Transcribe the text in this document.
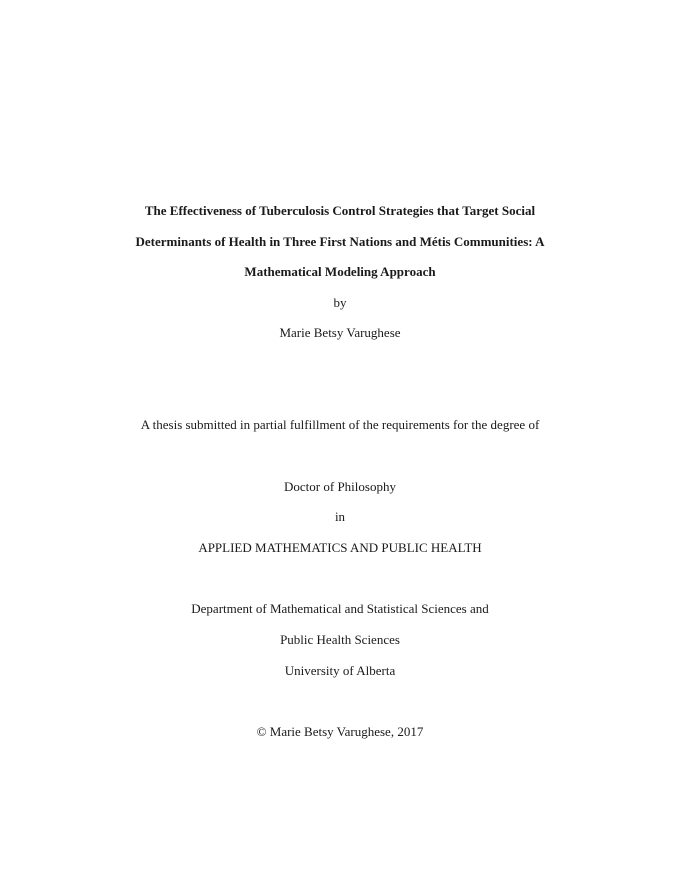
The Effectiveness of Tuberculosis Control Strategies that Target Social
Determinants of Health in Three First Nations and Métis Communities: A
Mathematical Modeling Approach
by
Marie Betsy Varughese
A thesis submitted in partial fulfillment of the requirements for the degree of
Doctor of Philosophy
in
APPLIED MATHEMATICS AND PUBLIC HEALTH
Department of Mathematical and Statistical Sciences and
Public Health Sciences
University of Alberta
© Marie Betsy Varughese, 2017
